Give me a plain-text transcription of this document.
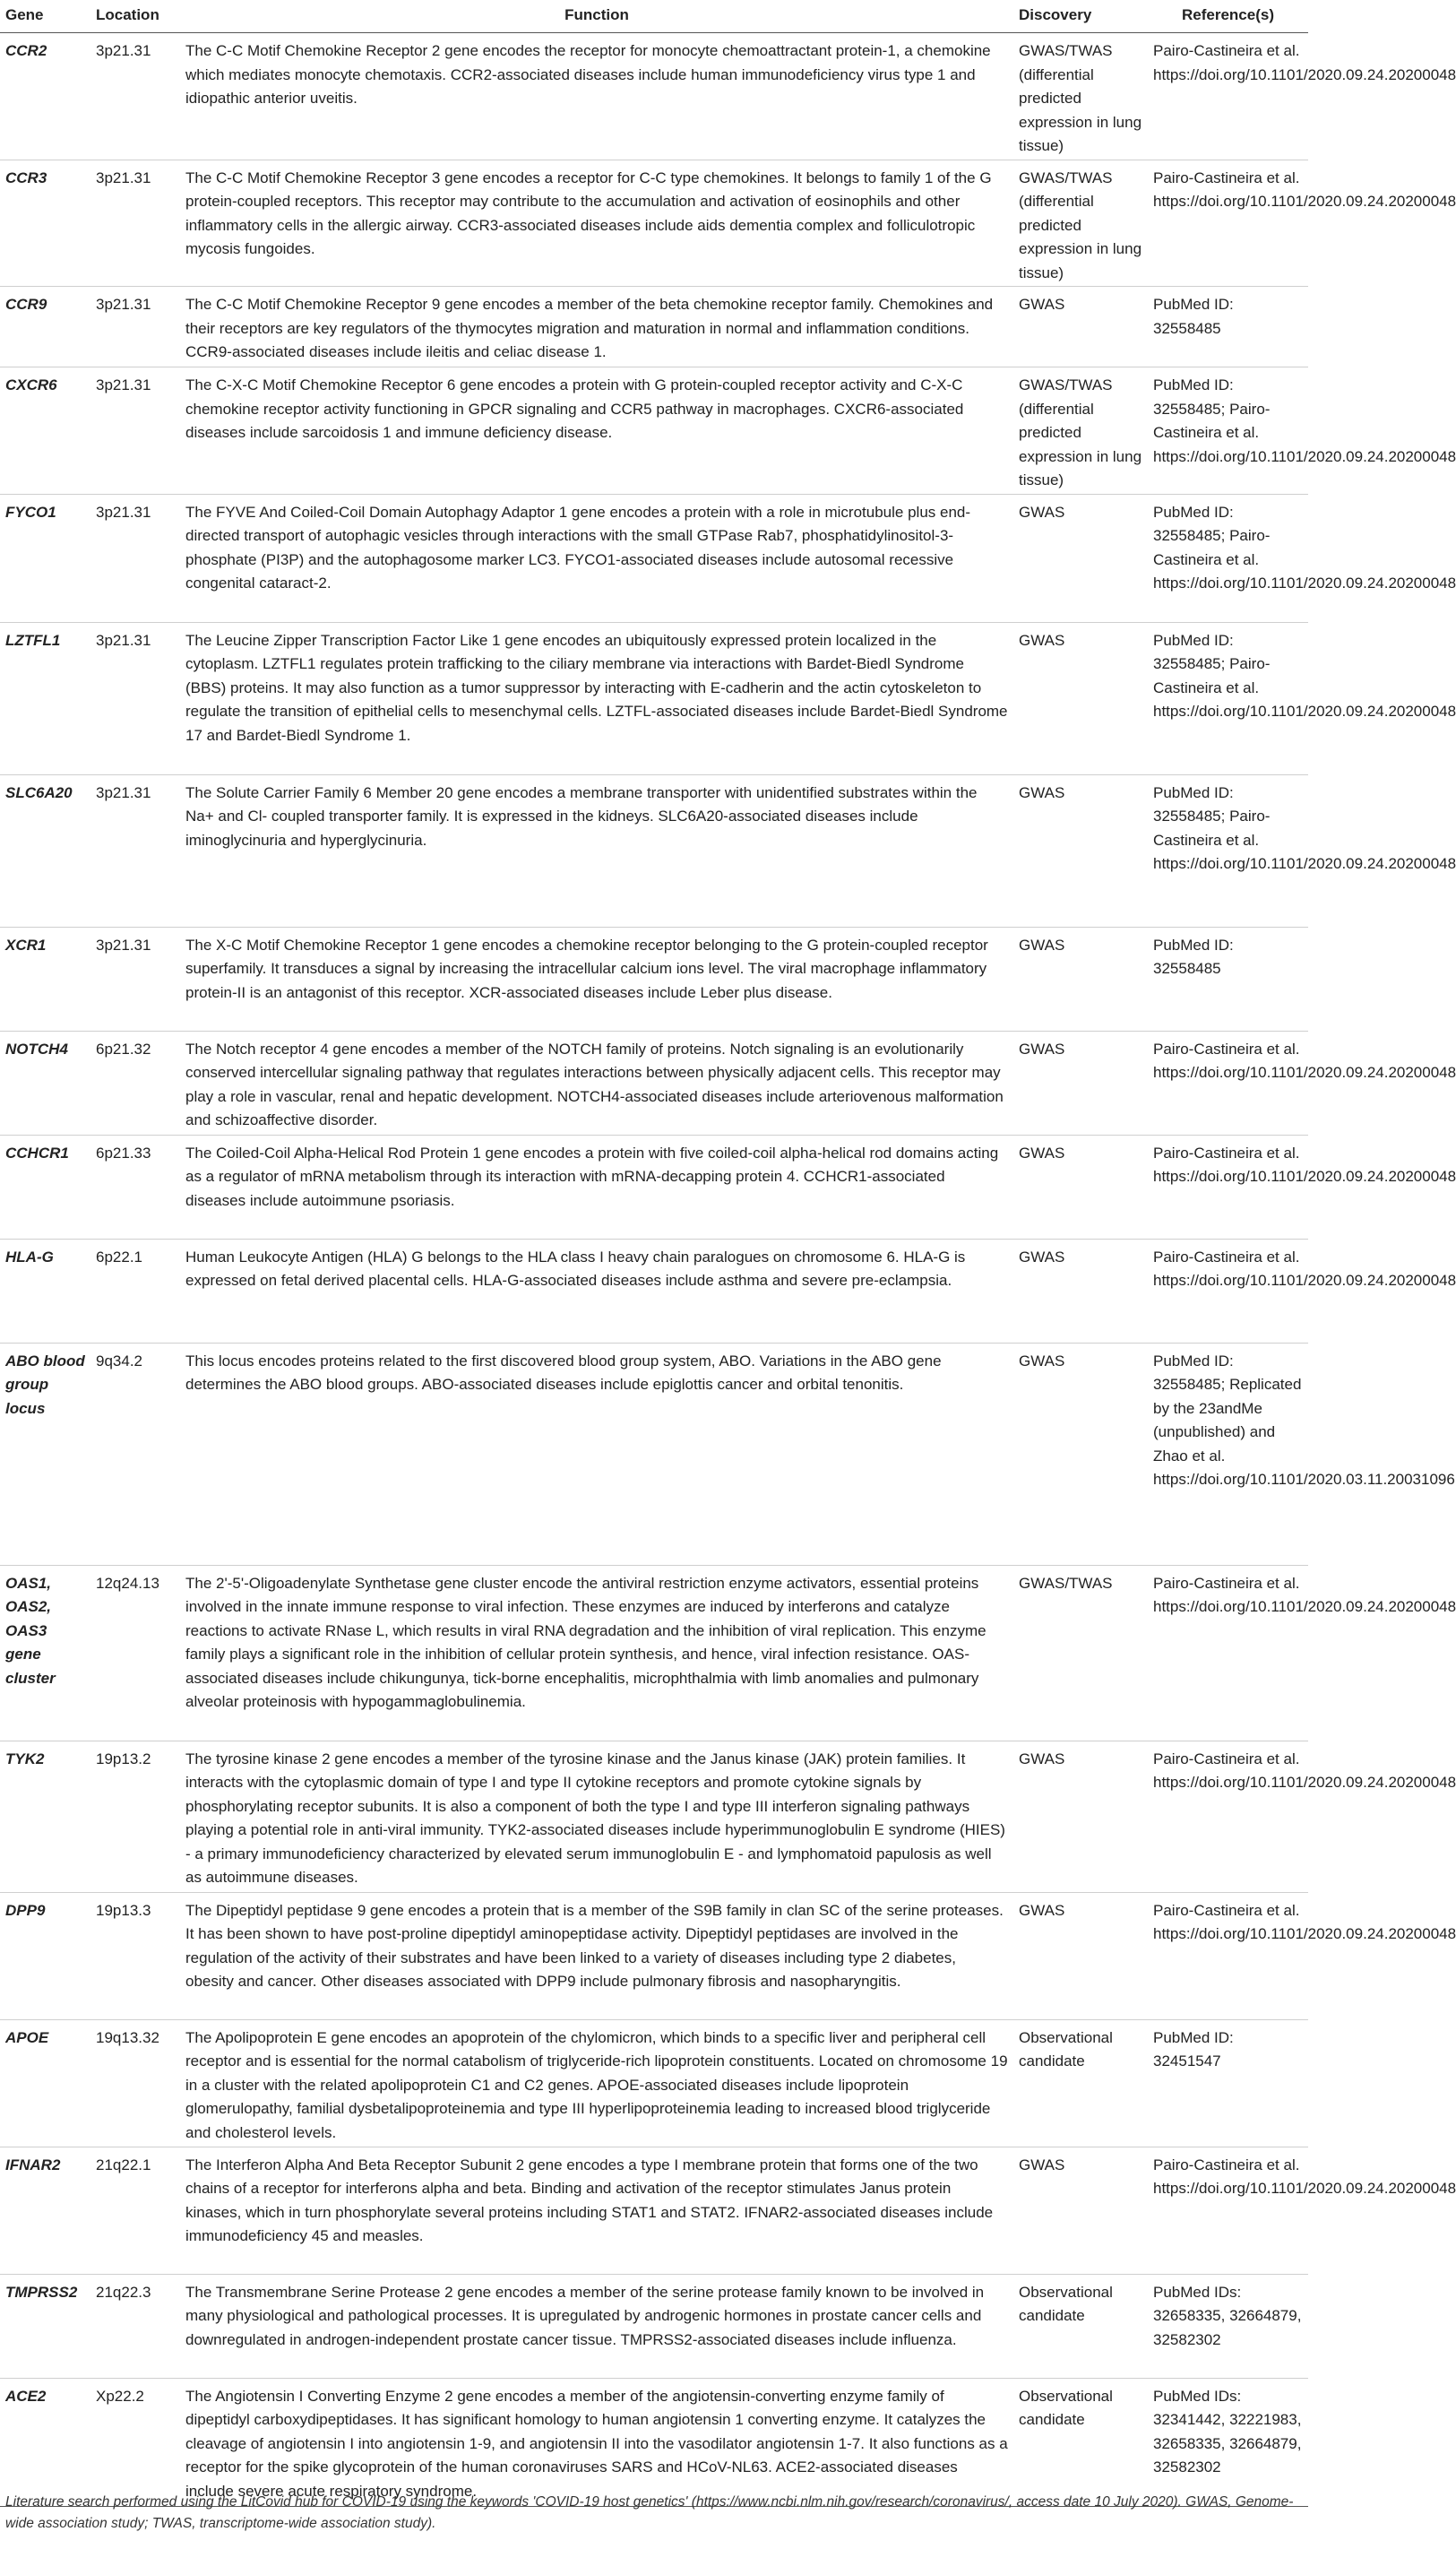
Gene	Location	Function	Discovery	Reference(s)
CCR2	3p21.31	The C-C Motif Chemokine Receptor 2 gene encodes the receptor for monocyte chemoattractant protein-1, a chemokine which mediates monocyte chemotaxis. CCR2-associated diseases include human immunodeficiency virus type 1 and idiopathic anterior uveitis.	GWAS/TWAS (differential predicted expression in lung tissue)	Pairo-Castineira et al. https://doi.org/10.1101/2020.09.24.20200048
CCR3	3p21.31	The C-C Motif Chemokine Receptor 3 gene encodes a receptor for C-C type chemokines. It belongs to family 1 of the G protein-coupled receptors. This receptor may contribute to the accumulation and activation of eosinophils and other inflammatory cells in the allergic airway. CCR3-associated diseases include aids dementia complex and folliculotropic mycosis fungoides.	GWAS/TWAS (differential predicted expression in lung tissue)	Pairo-Castineira et al. https://doi.org/10.1101/2020.09.24.20200048
CCR9	3p21.31	The C-C Motif Chemokine Receptor 9 gene encodes a member of the beta chemokine receptor family. Chemokines and their receptors are key regulators of the thymocytes migration and maturation in normal and inflammation conditions. CCR9-associated diseases include ileitis and celiac disease 1.	GWAS	PubMed ID: 32558485
CXCR6	3p21.31	The C-X-C Motif Chemokine Receptor 6 gene encodes a protein with G protein-coupled receptor activity and C-X-C chemokine receptor activity functioning in GPCR signaling and CCR5 pathway in macrophages. CXCR6-associated diseases include sarcoidosis 1 and immune deficiency disease.	GWAS/TWAS (differential predicted expression in lung tissue)	PubMed ID: 32558485; Pairo-Castineira et al. https://doi.org/10.1101/2020.09.24.20200048
FYCO1	3p21.31	The FYVE And Coiled-Coil Domain Autophagy Adaptor 1 gene encodes a protein with a role in microtubule plus end-directed transport of autophagic vesicles through interactions with the small GTPase Rab7, phosphatidylinositol-3-phosphate (PI3P) and the autophagosome marker LC3. FYCO1-associated diseases include autosomal recessive congenital cataract-2.	GWAS	PubMed ID: 32558485; Pairo-Castineira et al. https://doi.org/10.1101/2020.09.24.20200048
LZTFL1	3p21.31	The Leucine Zipper Transcription Factor Like 1 gene encodes an ubiquitously expressed protein localized in the cytoplasm. LZTFL1 regulates protein trafficking to the ciliary membrane via interactions with Bardet-Biedl Syndrome (BBS) proteins. It may also function as a tumor suppressor by interacting with E-cadherin and the actin cytoskeleton to regulate the transition of epithelial cells to mesenchymal cells. LZTFL-associated diseases include Bardet-Biedl Syndrome 17 and Bardet-Biedl Syndrome 1.	GWAS	PubMed ID: 32558485; Pairo-Castineira et al. https://doi.org/10.1101/2020.09.24.20200048
SLC6A20	3p21.31	The Solute Carrier Family 6 Member 20 gene encodes a membrane transporter with unidentified substrates within the Na+ and Cl- coupled transporter family. It is expressed in the kidneys. SLC6A20-associated diseases include iminoglycinuria and hyperglycinuria.	GWAS	PubMed ID: 32558485; Pairo-Castineira et al. https://doi.org/10.1101/2020.09.24.20200048
XCR1	3p21.31	The X-C Motif Chemokine Receptor 1 gene encodes a chemokine receptor belonging to the G protein-coupled receptor superfamily. It transduces a signal by increasing the intracellular calcium ions level. The viral macrophage inflammatory protein-II is an antagonist of this receptor. XCR-associated diseases include Leber plus disease.	GWAS	PubMed ID: 32558485
NOTCH4	6p21.32	The Notch receptor 4 gene encodes a member of the NOTCH family of proteins. Notch signaling is an evolutionarily conserved intercellular signaling pathway that regulates interactions between physically adjacent cells. This receptor may play a role in vascular, renal and hepatic development. NOTCH4-associated diseases include arteriovenous malformation and schizoaffective disorder.	GWAS	Pairo-Castineira et al. https://doi.org/10.1101/2020.09.24.20200048
CCHCR1	6p21.33	The Coiled-Coil Alpha-Helical Rod Protein 1 gene encodes a protein with five coiled-coil alpha-helical rod domains acting as a regulator of mRNA metabolism through its interaction with mRNA-decapping protein 4. CCHCR1-associated diseases include autoimmune psoriasis.	GWAS	Pairo-Castineira et al. https://doi.org/10.1101/2020.09.24.20200048
HLA-G	6p22.1	Human Leukocyte Antigen (HLA) G belongs to the HLA class I heavy chain paralogues on chromosome 6. HLA-G is expressed on fetal derived placental cells. HLA-G-associated diseases include asthma and severe pre-eclampsia.	GWAS	Pairo-Castineira et al. https://doi.org/10.1101/2020.09.24.20200048
ABO blood group locus	9q34.2	This locus encodes proteins related to the first discovered blood group system, ABO. Variations in the ABO gene determines the ABO blood groups. ABO-associated diseases include epiglottis cancer and orbital tenonitis.	GWAS	PubMed ID: 32558485; Replicated by the 23andMe (unpublished) and Zhao et al. https://doi.org/10.1101/2020.03.11.20031096
OAS1, OAS2, OAS3 gene cluster	12q24.13	The 2'-5'-Oligoadenylate Synthetase gene cluster encode the antiviral restriction enzyme activators, essential proteins involved in the innate immune response to viral infection. These enzymes are induced by interferons and catalyze reactions to activate RNase L, which results in viral RNA degradation and the inhibition of viral replication. This enzyme family plays a significant role in the inhibition of cellular protein synthesis, and hence, viral infection resistance. OAS-associated diseases include chikungunya, tick-borne encephalitis, microphthalmia with limb anomalies and pulmonary alveolar proteinosis with hypogammaglobulinemia.	GWAS/TWAS	Pairo-Castineira et al. https://doi.org/10.1101/2020.09.24.20200048
TYK2	19p13.2	The tyrosine kinase 2 gene encodes a member of the tyrosine kinase and the Janus kinase (JAK) protein families. It interacts with the cytoplasmic domain of type I and type II cytokine receptors and promote cytokine signals by phosphorylating receptor subunits. It is also a component of both the type I and type III interferon signaling pathways playing a potential role in anti-viral immunity. TYK2-associated diseases include hyperimmunoglobulin E syndrome (HIES) - a primary immunodeficiency characterized by elevated serum immunoglobulin E - and lymphomatoid papulosis as well as autoimmune diseases.	GWAS	Pairo-Castineira et al. https://doi.org/10.1101/2020.09.24.20200048
DPP9	19p13.3	The Dipeptidyl peptidase 9 gene encodes a protein that is a member of the S9B family in clan SC of the serine proteases. It has been shown to have post-proline dipeptidyl aminopeptidase activity. Dipeptidyl peptidases are involved in the regulation of the activity of their substrates and have been linked to a variety of diseases including type 2 diabetes, obesity and cancer. Other diseases associated with DPP9 include pulmonary fibrosis and nasopharyngitis.	GWAS	Pairo-Castineira et al. https://doi.org/10.1101/2020.09.24.20200048
APOE	19q13.32	The Apolipoprotein E gene encodes an apoprotein of the chylomicron, which binds to a specific liver and peripheral cell receptor and is essential for the normal catabolism of triglyceride-rich lipoprotein constituents. Located on chromosome 19 in a cluster with the related apolipoprotein C1 and C2 genes. APOE-associated diseases include lipoprotein glomerulopathy, familial dysbetalipoproteinemia and type III hyperlipoproteinemia leading to increased blood triglyceride and cholesterol levels.	Observational candidate	PubMed ID: 32451547
IFNAR2	21q22.1	The Interferon Alpha And Beta Receptor Subunit 2 gene encodes a type I membrane protein that forms one of the two chains of a receptor for interferons alpha and beta. Binding and activation of the receptor stimulates Janus protein kinases, which in turn phosphorylate several proteins including STAT1 and STAT2. IFNAR2-associated diseases include immunodeficiency 45 and measles.	GWAS	Pairo-Castineira et al. https://doi.org/10.1101/2020.09.24.20200048
TMPRSS2	21q22.3	The Transmembrane Serine Protease 2 gene encodes a member of the serine protease family known to be involved in many physiological and pathological processes. It is upregulated by androgenic hormones in prostate cancer cells and downregulated in androgen-independent prostate cancer tissue. TMPRSS2-associated diseases include influenza.	Observational candidate	PubMed IDs: 32658335, 32664879, 32582302
ACE2	Xp22.2	The Angiotensin I Converting Enzyme 2 gene encodes a member of the angiotensin-converting enzyme family of dipeptidyl carboxydipeptidases. It has significant homology to human angiotensin 1 converting enzyme. It catalyzes the cleavage of angiotensin I into angiotensin 1-9, and angiotensin II into the vasodilator angiotensin 1-7. It also functions as a receptor for the spike glycoprotein of the human coronaviruses SARS and HCoV-NL63. ACE2-associated diseases include severe acute respiratory syndrome.	Observational candidate	PubMed IDs: 32341442, 32221983, 32658335, 32664879, 32582302
Literature search performed using the LitCovid hub for COVID-19 using the keywords 'COVID-19 host genetics' (https://www.ncbi.nlm.nih.gov/research/coronavirus/, access date 10 July 2020). GWAS, Genome-wide association study; TWAS, transcriptome-wide association study).
